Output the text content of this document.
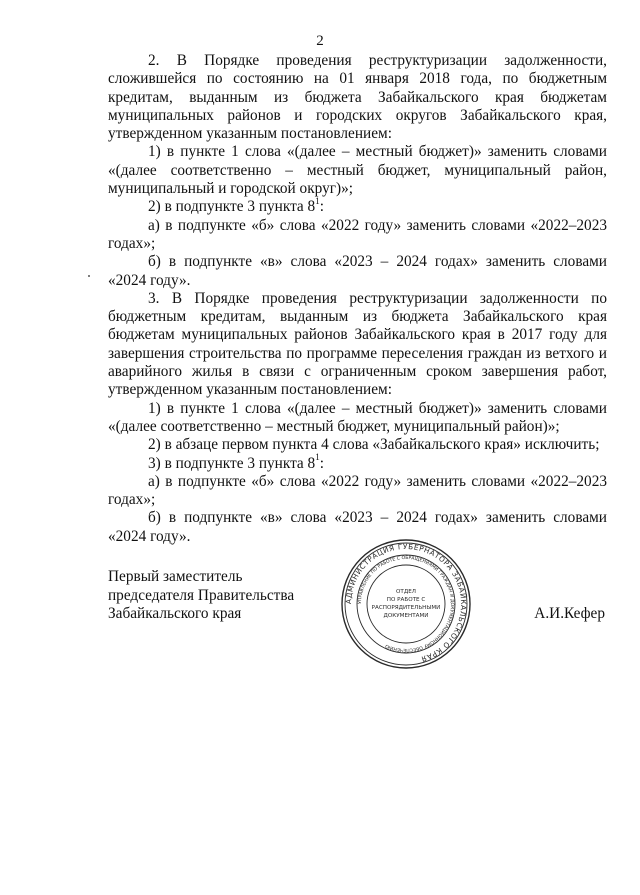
2

2. В Порядке проведения реструктуризации задолженности, сложившейся по состоянию на 01 января 2018 года, по бюджетным кредитам, выданным из бюджета Забайкальского края бюджетам муниципальных районов и городских округов Забайкальского края, утвержденном указанным постановлением:

1) в пункте 1 слова «(далее – местный бюджет)» заменить словами «(далее соответственно – местный бюджет, муниципальный район, муниципальный и городской округ)»;

2) в подпункте 3 пункта $8^1$:

а) в подпункте «б» слова «2022 году» заменить словами «2022–2023 годах»;

б) в подпункте «в» слова «2023 – 2024 годах» заменить словами «2024 году».

3. В Порядке проведения реструктуризации задолженности по бюджетным кредитам, выданным из бюджета Забайкальского края бюджетам муниципальных районов Забайкальского края в 2017 году для завершения строительства по программе переселения граждан из ветхого и аварийного жилья в связи с ограниченным сроком завершения работ, утвержденном указанным постановлением:

1) в пункте 1 слова «(далее – местный бюджет)» заменить словами «(далее соответственно – местный бюджет, муниципальный район)»;

2) в абзаце первом пункта 4 слова «Забайкальского края» исключить;

3) в подпункте 3 пункта $8^1$:

а) в подпункте «б» слова «2022 году» заменить словами «2022–2023 годах»;

б) в подпункте «в» слова «2023 – 2024 годах» заменить словами «2024 году».

Первый заместитель
председателя Правительства
Забайкальского края	А.И.Кефер
АДМИНИСТРАЦИЯ ГУБЕРНАТОРА ЗАБАЙКАЛЬСКОГО КРАЯ
УПРАВЛЕНИЕ ПО РАБОТЕ С ОБРАЩЕНИЯМИ ГРАЖДАН И ДОКУМЕНТАЦИОННОМУ ОБЕСПЕЧЕНИЮ
ОТДЕЛ
ПО РАБОТЕ С
РАСПОРЯДИТЕЛЬНЫМИ
ДОКУМЕНТАМИ
